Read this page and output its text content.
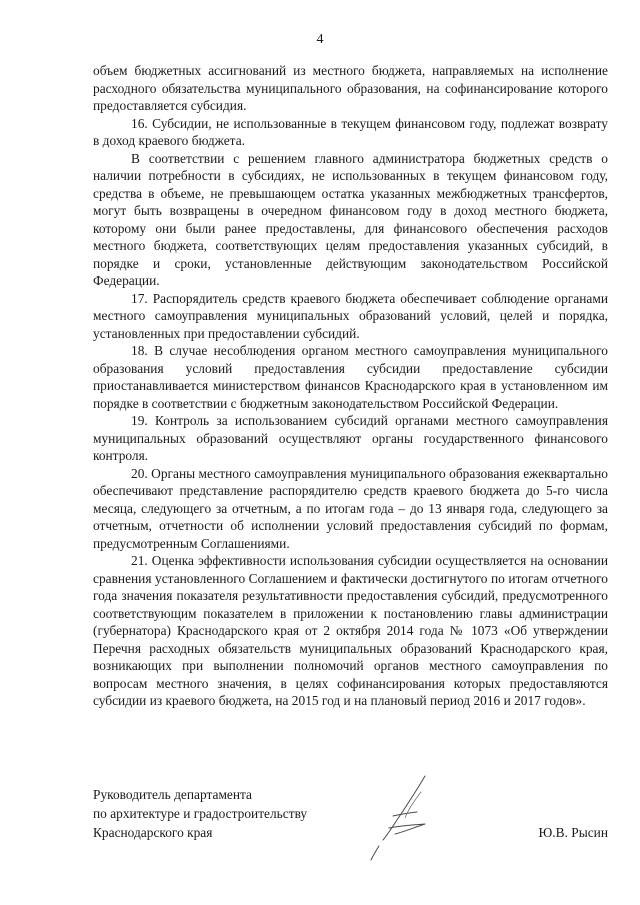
4

объем бюджетных ассигнований из местного бюджета, направляемых на исполнение расходного обязательства муниципального образования, на софинансирование которого предоставляется субсидия.

16. Субсидии, не использованные в текущем финансовом году, подлежат возврату в доход краевого бюджета.

В соответствии с решением главного администратора бюджетных средств о наличии потребности в субсидиях, не использованных в текущем финансовом году, средства в объеме, не превышающем остатка указанных межбюджетных трансфертов, могут быть возвращены в очередном финансовом году в доход местного бюджета, которому они были ранее предоставлены, для финансового обеспечения расходов местного бюджета, соответствующих целям предоставления указанных субсидий, в порядке и сроки, установленные действующим законодательством Российской Федерации.

17. Распорядитель средств краевого бюджета обеспечивает соблюдение органами местного самоуправления муниципальных образований условий, целей и порядка, установленных при предоставлении субсидий.

18. В случае несоблюдения органом местного самоуправления муниципального образования условий предоставления субсидии предоставление субсидии приостанавливается министерством финансов Краснодарского края в установленном им порядке в соответствии с бюджетным законодательством Российской Федерации.

19. Контроль за использованием субсидий органами местного самоуправления муниципальных образований осуществляют органы государственного финансового контроля.

20. Органы местного самоуправления муниципального образования ежеквартально обеспечивают представление распорядителю средств краевого бюджета до 5-го числа месяца, следующего за отчетным, а по итогам года – до 13 января года, следующего за отчетным, отчетности об исполнении условий предоставления субсидий по формам, предусмотренным Соглашениями.

21. Оценка эффективности использования субсидии осуществляется на основании сравнения установленного Соглашением и фактически достигнутого по итогам отчетного года значения показателя результативности предоставления субсидий, предусмотренного соответствующим показателем в приложении к постановлению главы администрации (губернатора) Краснодарского края от 2 октября 2014 года № 1073 «Об утверждении Перечня расходных обязательств муниципальных образований Краснодарского края, возникающих при выполнении полномочий органов местного самоуправления по вопросам местного значения, в целях софинансирования которых предоставляются субсидии из краевого бюджета, на 2015 год и на плановый период 2016 и 2017 годов».

Руководитель департамента
по архитектуре и градостроительству
Краснодарского края	Ю.В. Рысин
